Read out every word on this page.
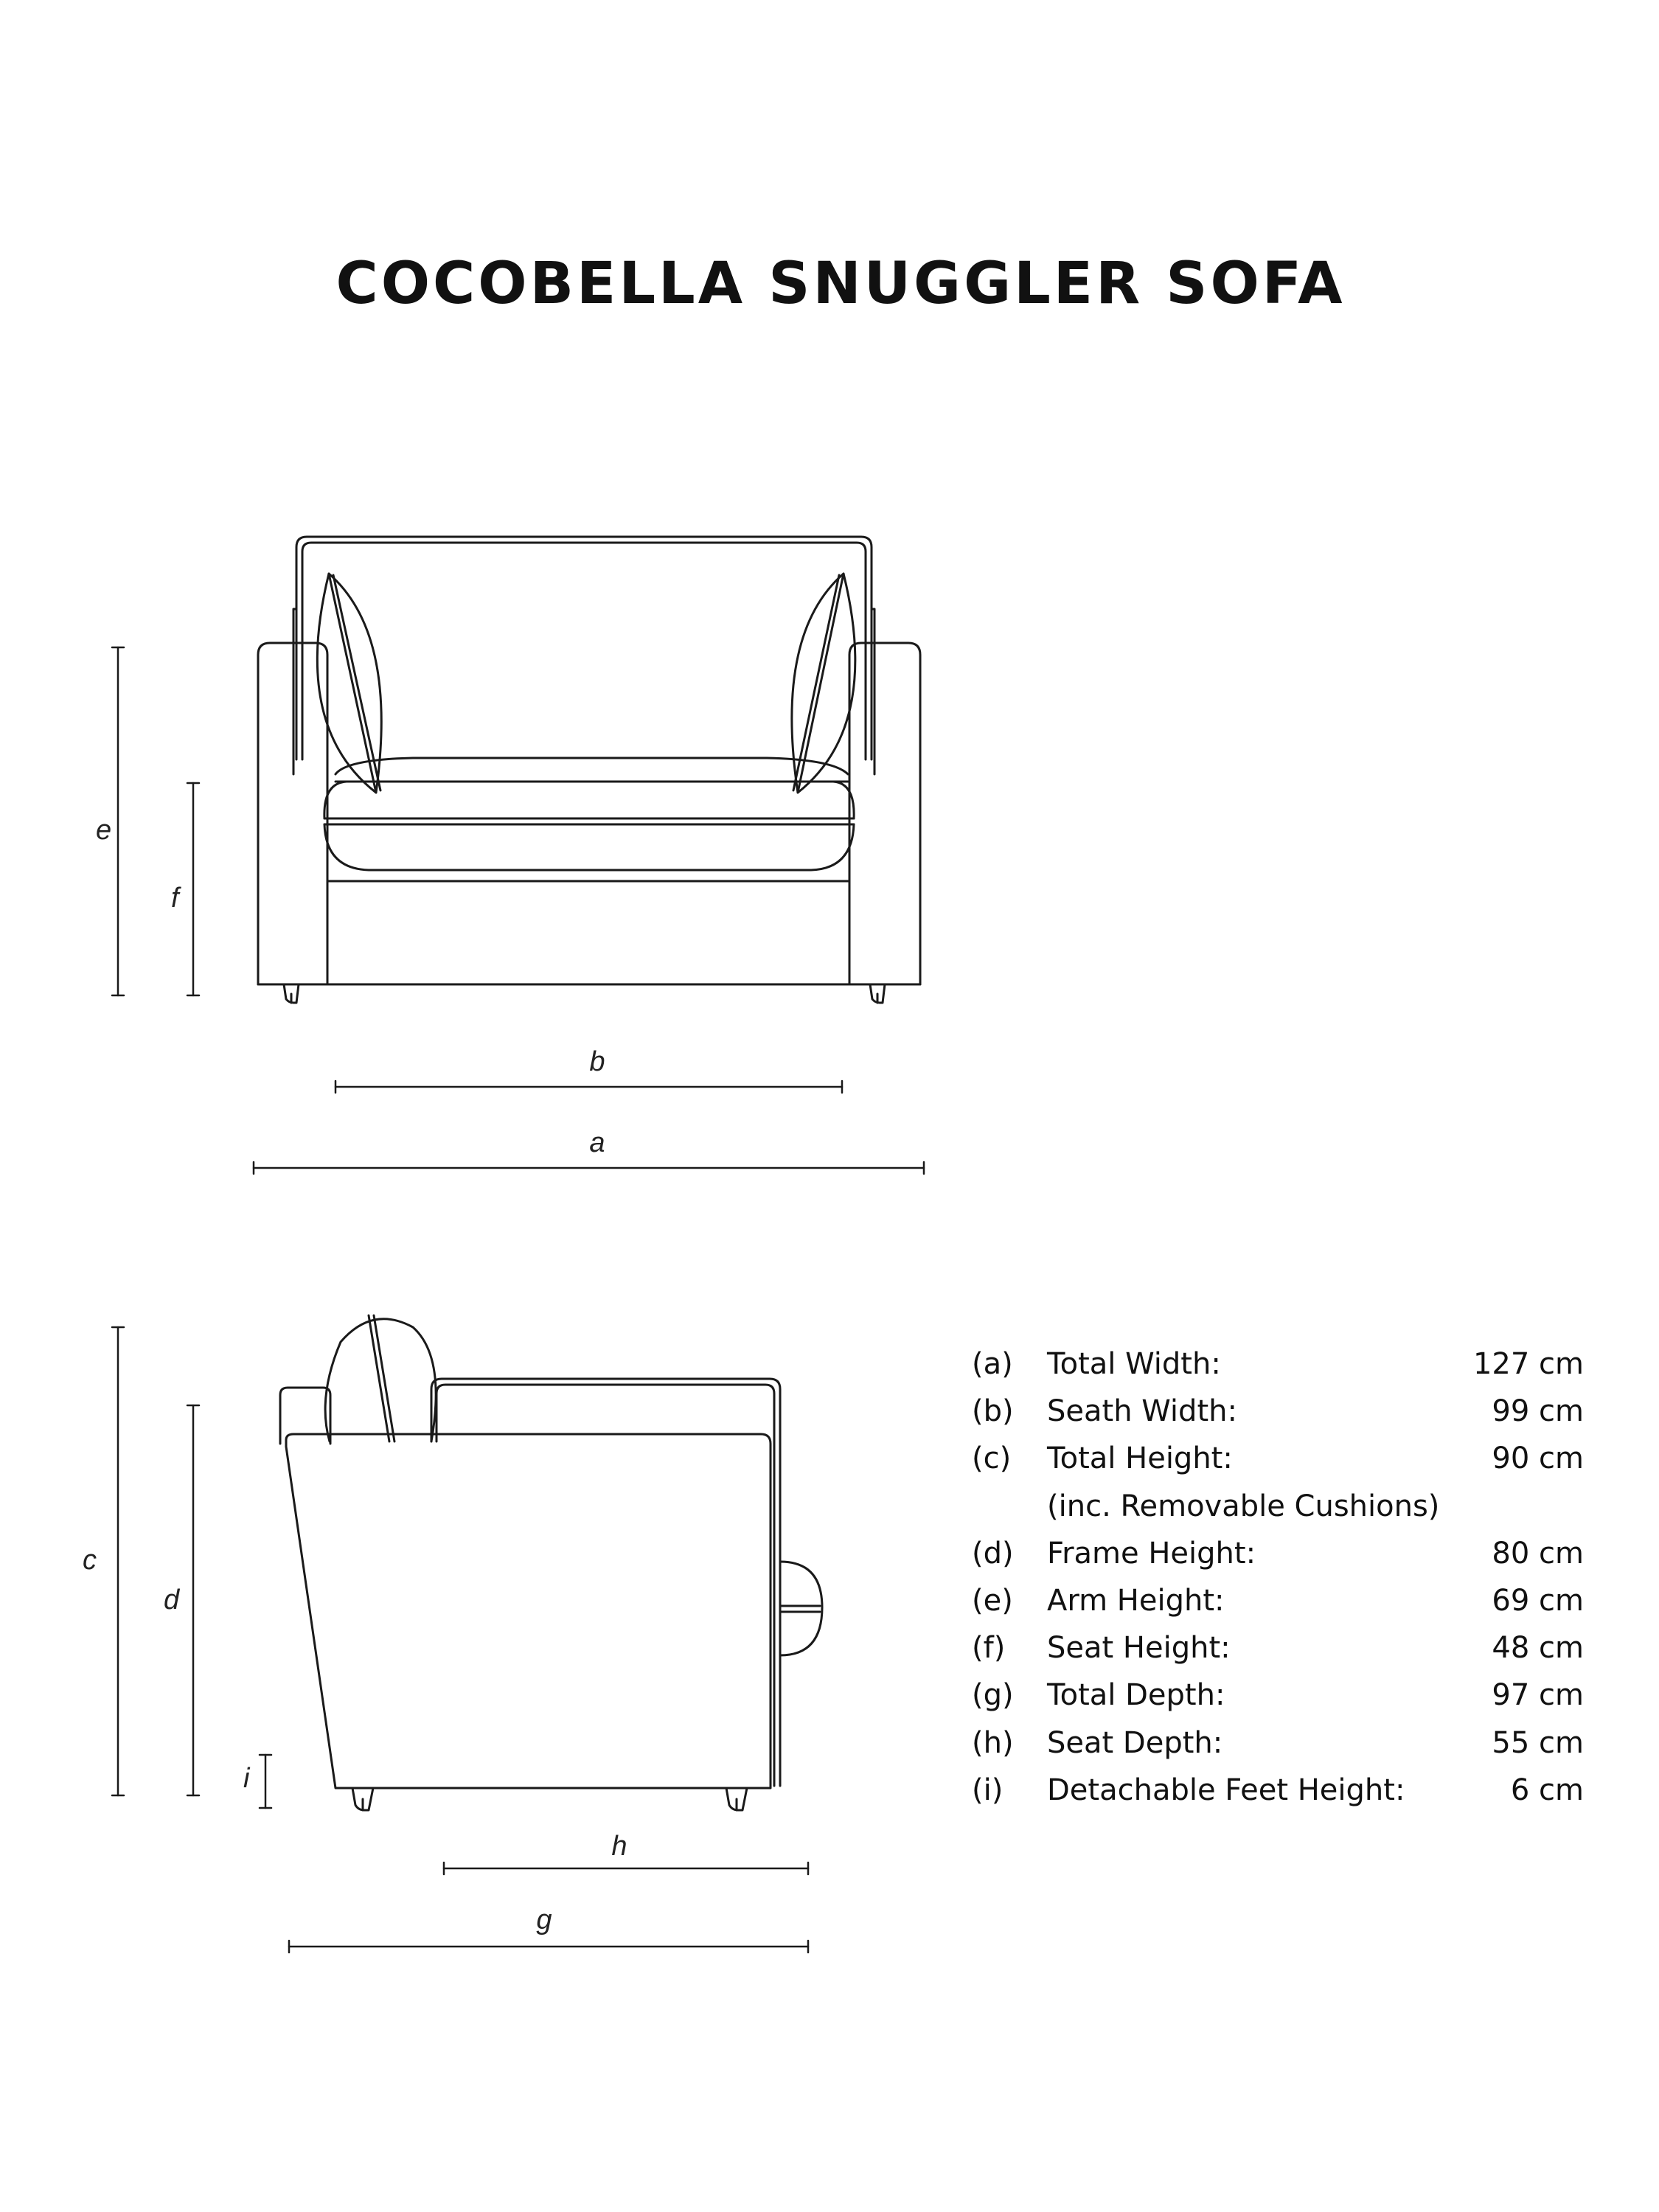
COCOBELLA SNUGGLER SOFA
e
f
b
a
c
d
i
h
g
(a) Total Width:	127 cm
(b) Seath Width:	99 cm
(c) Total Height:	90 cm
(inc. Removable Cushions)
(d) Frame Height:	80 cm
(e) Arm Height:	69 cm
(f) Seat Height:	48 cm
(g) Total Depth:	97 cm
(h) Seat Depth:	55 cm
(i) Detachable Feet Height:	6 cm
